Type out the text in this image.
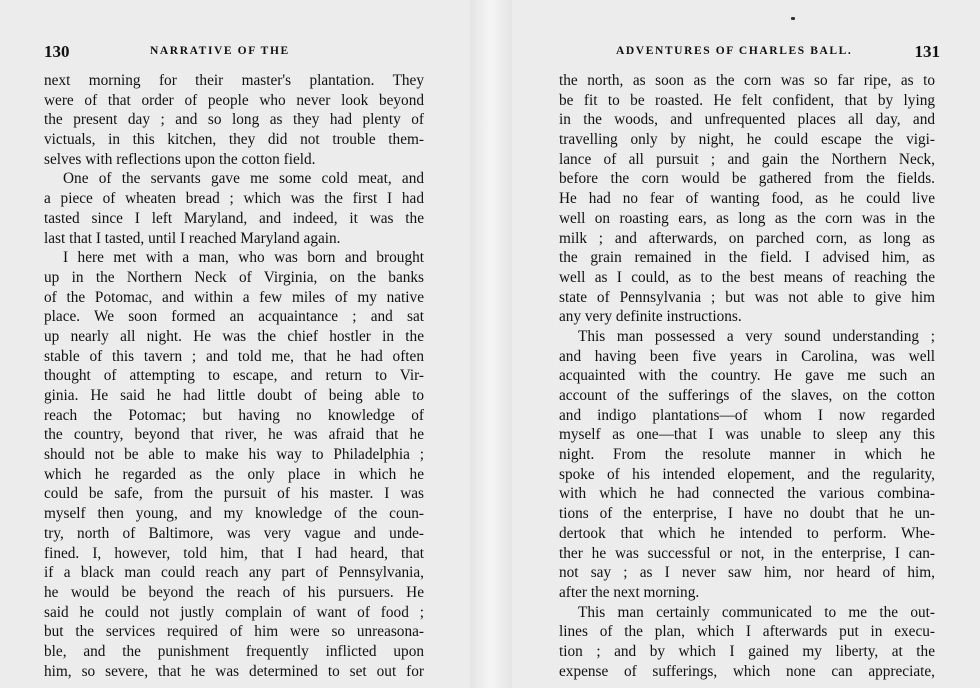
130	NARRATIVE OF THE
next morning for their master's plantation. They
were of that order of people who never look beyond
the present day ; and so long as they had plenty of
victuals, in this kitchen, they did not trouble them-
selves with reflections upon the cotton field.
One of the servants gave me some cold meat, and
a piece of wheaten bread ; which was the first I had
tasted since I left Maryland, and indeed, it was the
last that I tasted, until I reached Maryland again.
I here met with a man, who was born and brought
up in the Northern Neck of Virginia, on the banks
of the Potomac, and within a few miles of my native
place. We soon formed an acquaintance ; and sat
up nearly all night. He was the chief hostler in the
stable of this tavern ; and told me, that he had often
thought of attempting to escape, and return to Vir-
ginia. He said he had little doubt of being able to
reach the Potomac; but having no knowledge of
the country, beyond that river, he was afraid that he
should not be able to make his way to Philadelphia ;
which he regarded as the only place in which he
could be safe, from the pursuit of his master. I was
myself then young, and my knowledge of the coun-
try, north of Baltimore, was very vague and unde-
fined. I, however, told him, that I had heard, that
if a black man could reach any part of Pennsylvania,
he would be beyond the reach of his pursuers. He
said he could not justly complain of want of food ;
but the services required of him were so unreasona-
ble, and the punishment frequently inflicted upon
him, so severe, that he was determined to set out for
ADVENTURES OF CHARLES BALL.	131
the north, as soon as the corn was so far ripe, as to
be fit to be roasted. He felt confident, that by lying
in the woods, and unfrequented places all day, and
travelling only by night, he could escape the vigi-
lance of all pursuit ; and gain the Northern Neck,
before the corn would be gathered from the fields.
He had no fear of wanting food, as he could live
well on roasting ears, as long as the corn was in the
milk ; and afterwards, on parched corn, as long as
the grain remained in the field. I advised him, as
well as I could, as to the best means of reaching the
state of Pennsylvania ; but was not able to give him
any very definite instructions.
This man possessed a very sound understanding ;
and having been five years in Carolina, was well
acquainted with the country. He gave me such an
account of the sufferings of the slaves, on the cotton
and indigo plantations—of whom I now regarded
myself as one—that I was unable to sleep any this
night. From the resolute manner in which he
spoke of his intended elopement, and the regularity,
with which he had connected the various combina-
tions of the enterprise, I have no doubt that he un-
dertook that which he intended to perform. Whe-
ther he was successful or not, in the enterprise, I can-
not say ; as I never saw him, nor heard of him,
after the next morning.
This man certainly communicated to me the out-
lines of the plan, which I afterwards put in execu-
tion ; and by which I gained my liberty, at the
expense of sufferings, which none can appreciate,
